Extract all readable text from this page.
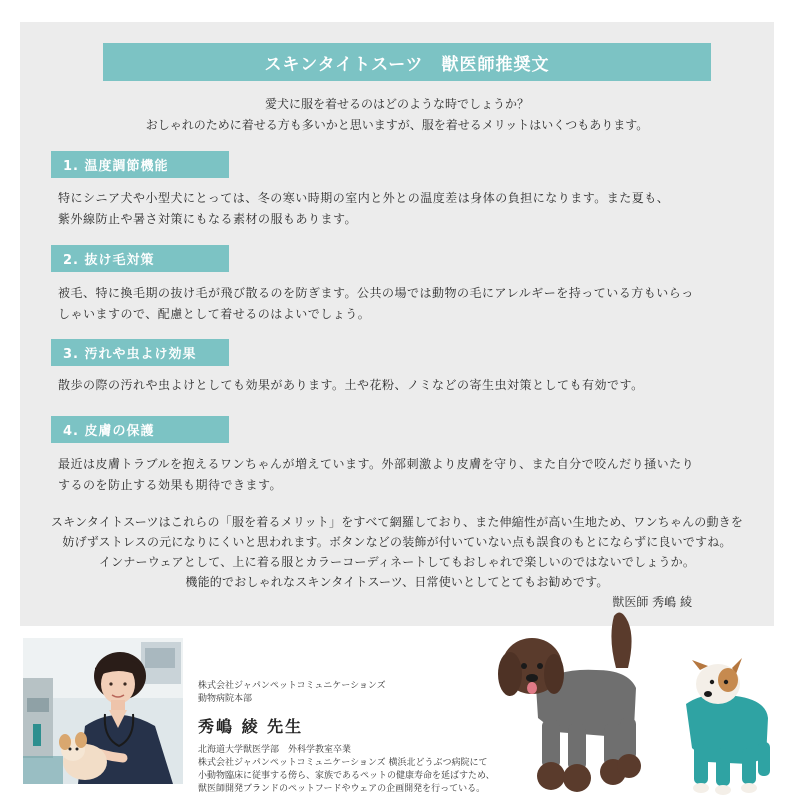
スキンタイトスーツ　獣医師推奨文
愛犬に服を着せるのはどのような時でしょうか？
おしゃれのために着せる方も多いかと思いますが、服を着せるメリットはいくつもあります。
1. 温度調節機能
特にシニア犬や小型犬にとっては、冬の寒い時期の室内と外との温度差は身体の負担になります。また夏も、
紫外線防止や暑さ対策にもなる素材の服もあります。
2. 抜け毛対策
被毛、特に換毛期の抜け毛が飛び散るのを防ぎます。公共の場では動物の毛にアレルギーを持っている方もいらっ
しゃいますので、配慮として着せるのはよいでしょう。
3. 汚れや虫よけ効果
散歩の際の汚れや虫よけとしても効果があります。土や花粉、ノミなどの寄生虫対策としても有効です。
4. 皮膚の保護
最近は皮膚トラブルを抱えるワンちゃんが増えています。外部刺激より皮膚を守り、また自分で咬んだり掻いたり
するのを防止する効果も期待できます。
スキンタイトスーツはこれらの「服を着るメリット」をすべて網羅しており、また伸縮性が高い生地ため、ワンちゃんの動きを
妨げずストレスの元になりにくいと思われます。ボタンなどの装飾が付いていない点も誤食のもとにならずに良いですね。
インナーウェアとして、上に着る服とカラーコーディネートしてもおしゃれで楽しいのではないでしょうか。
機能的でおしゃれなスキンタイトスーツ、日常使いとしてとてもお勧めです。
獣医師 秀嶋 綾
株式会社ジャパンペットコミュニケーションズ
動物病院本部
秀嶋 綾 先生
北海道大学獣医学部　外科学教室卒業
株式会社ジャパンペットコミュニケーションズ 横浜北どうぶつ病院にて
小動物臨床に従事する傍ら、家族であるペットの健康寿命を延ばすため、
獣医師開発ブランドのペットフードやウェアの企画開発を行っている。
